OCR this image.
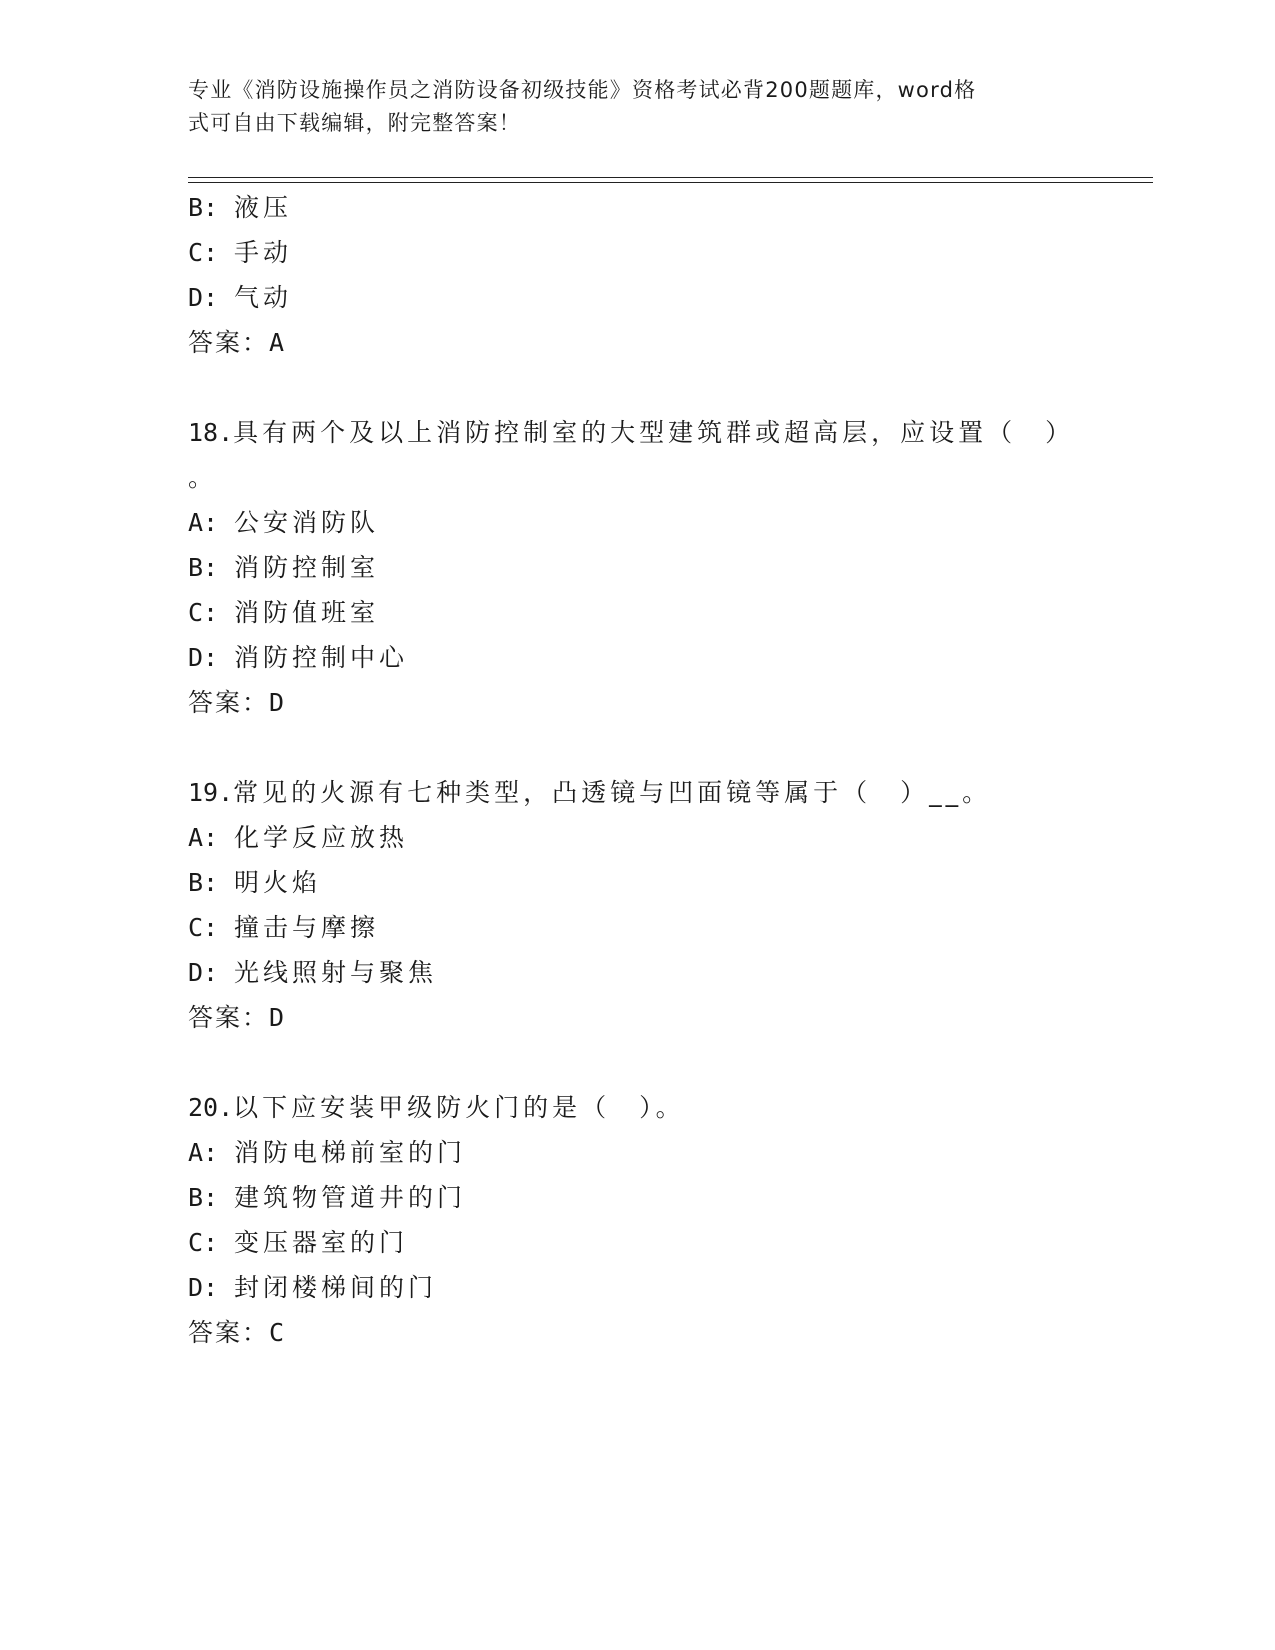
专业《消防设施操作员之消防设备初级技能》资格考试必背200题题库，word格
式可自由下载编辑，附完整答案！
B: 液压
C: 手动
D: 气动
答案：A
18.具有两个及以上消防控制室的大型建筑群或超高层，应设置（　）
。
A: 公安消防队
B: 消防控制室
C: 消防值班室
D: 消防控制中心
答案：D
19.常见的火源有七种类型，凸透镜与凹面镜等属于（　）__。
A: 化学反应放热
B: 明火焰
C: 撞击与摩擦
D: 光线照射与聚焦
答案：D
20.以下应安装甲级防火门的是（　）。
A: 消防电梯前室的门
B: 建筑物管道井的门
C: 变压器室的门
D: 封闭楼梯间的门
答案：C
